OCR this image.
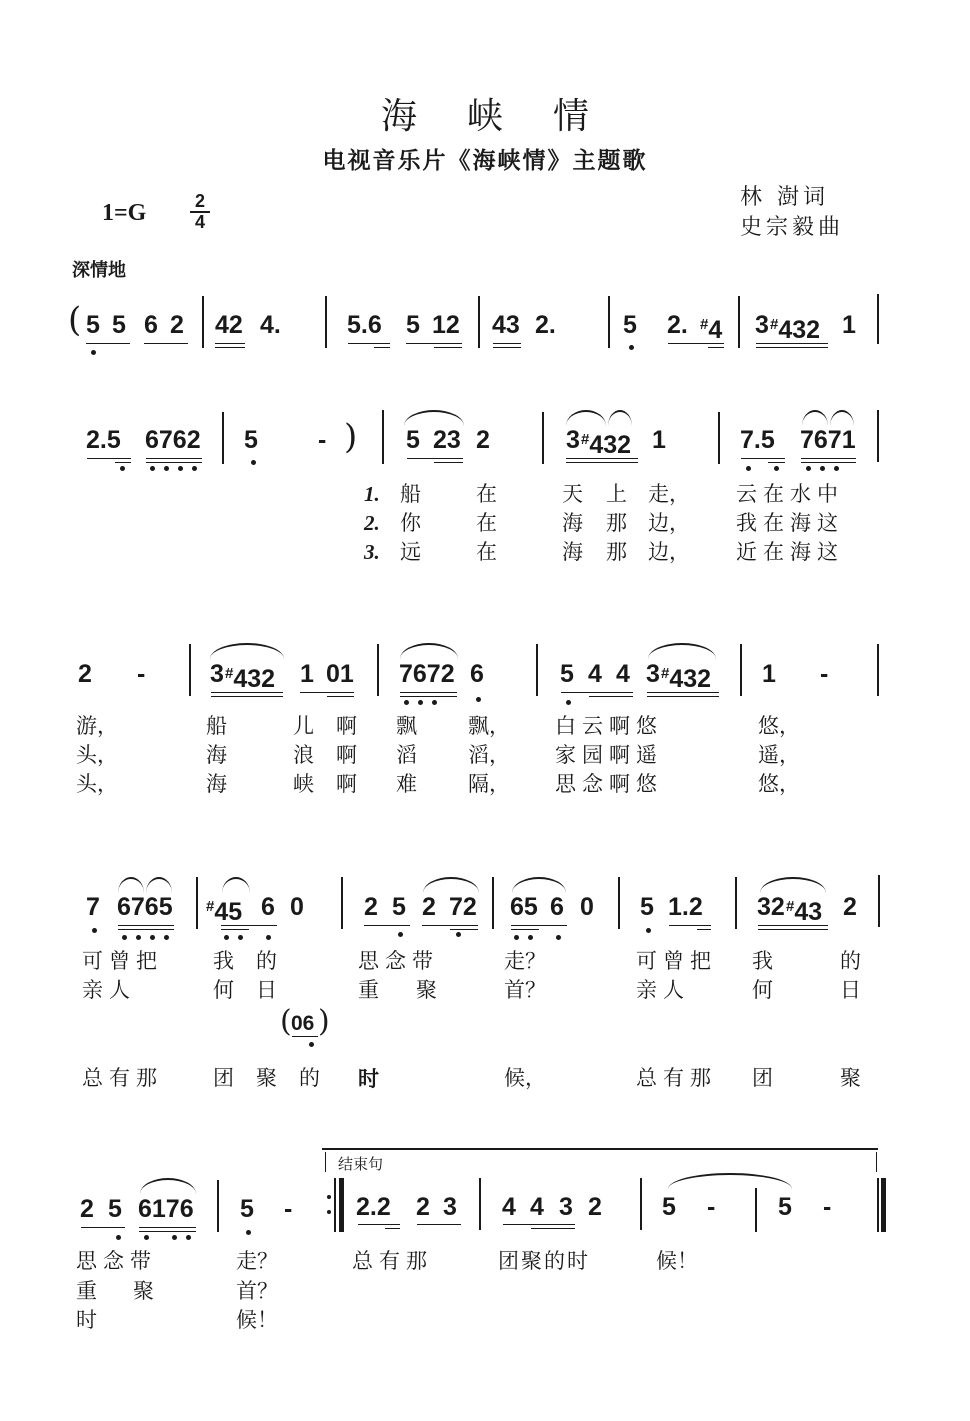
海峡情
电视音乐片《海峡情》主题歌
1=G	2
4
林 澍词
史宗毅曲
深情地
( 5 5 6 2 42 4.	5.6 5 12 43 2.	5 2. #4 3 #432 1
2.5 6762 5 - ) 5 23 2	3 #432 1	7.5 7671
1. 船	在	天 上 走， 云在水中
2. 你	在	海 那 边， 我在海这
3. 远	在	海 那 边， 近在海这
2 -	3 #432 1 01 7672 6	5 4 4 3 #432 1 -
游，	船	儿 啊 飘 飘， 白云啊悠	悠，
头，	海	浪 啊 滔 滔， 家园啊遥	遥，
头，	海	峡 啊 难 隔， 思念啊悠	悠，
7 6765 #45 6 0 2 5 2 72 65 6 0 5 1.2 32 #43 2
可曾把 我 的	思念带	走？	可曾把 我	的
亲人	何 日	重 聚	首？	亲人	何	日
( 06 )
总有那 团 聚 的 时	候，	总有那 团	聚
2 5 6176 5 -
结束句
2.2 2 3 4 4 3 2 5 -	5 -
思念带	走？	总有那	团聚的时	候！
重 聚	首？
时	候！
